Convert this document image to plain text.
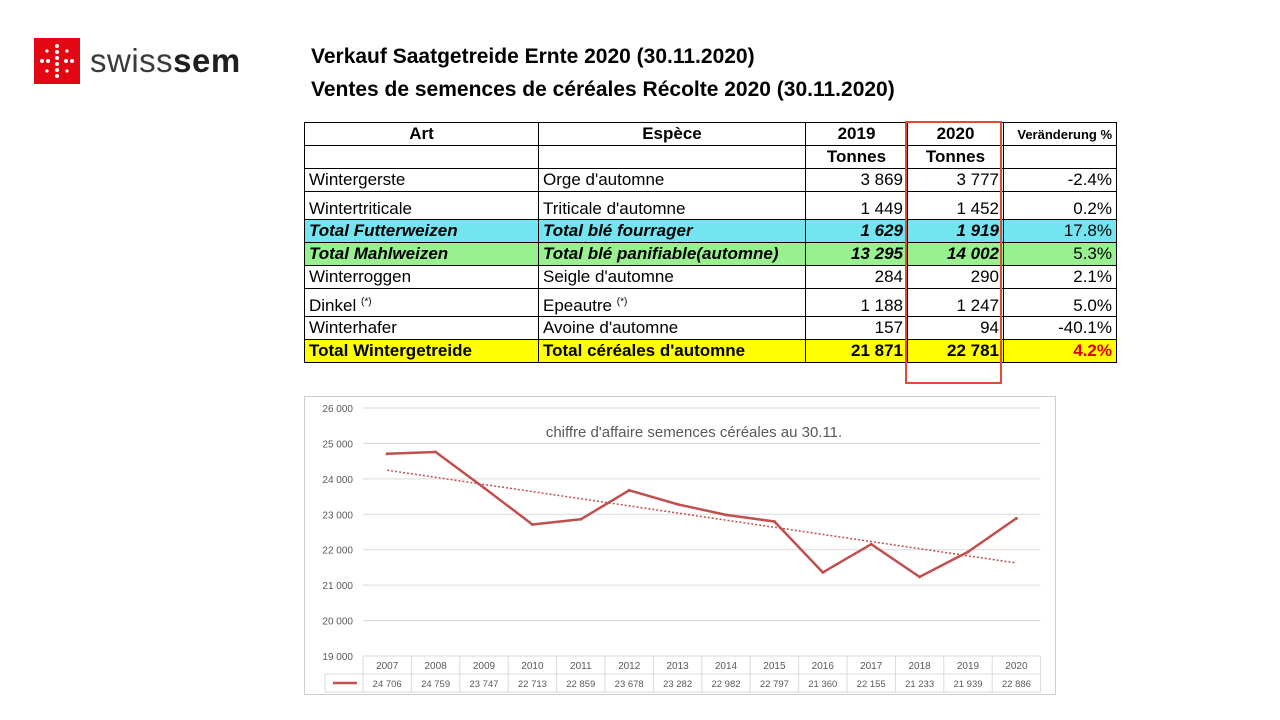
swisssem	Verkauf Saatgetreide Ernte 2020 (30.11.2020)
Ventes de semences de céréales Récolte 2020 (30.11.2020)
Art	Espèce	2019	2020	Veränderung %
		Tonnes	Tonnes	
Wintergerste	Orge d'automne	3 869	3 777	-2.4%
Wintertriticale	Triticale d'automne	1 449	1 452	0.2%
Total Futterweizen	Total blé fourrager	1 629	1 919	17.8%
Total Mahlweizen	Total blé panifiable(automne)	13 295	14 002	5.3%
Winterroggen	Seigle d'automne	284	290	2.1%
Dinkel (*)	Epeautre (*)	1 188	1 247	5.0%
Winterhafer	Avoine d'automne	157	94	-40.1%
Total Wintergetreide	Total céréales d'automne	21 871	22 781	4.2%
19 000
20 000
21 000
22 000
23 000
24 000
25 000
26 000
chiffre d'affaire semences céréales au 30.11.
2007
24 706
2008
24 759
2009
23 747
2010
22 713
2011
22 859
2012
23 678
2013
23 282
2014
22 982
2015
22 797
2016
21 360
2017
22 155
2018
21 233
2019
21 939
2020
22 886
